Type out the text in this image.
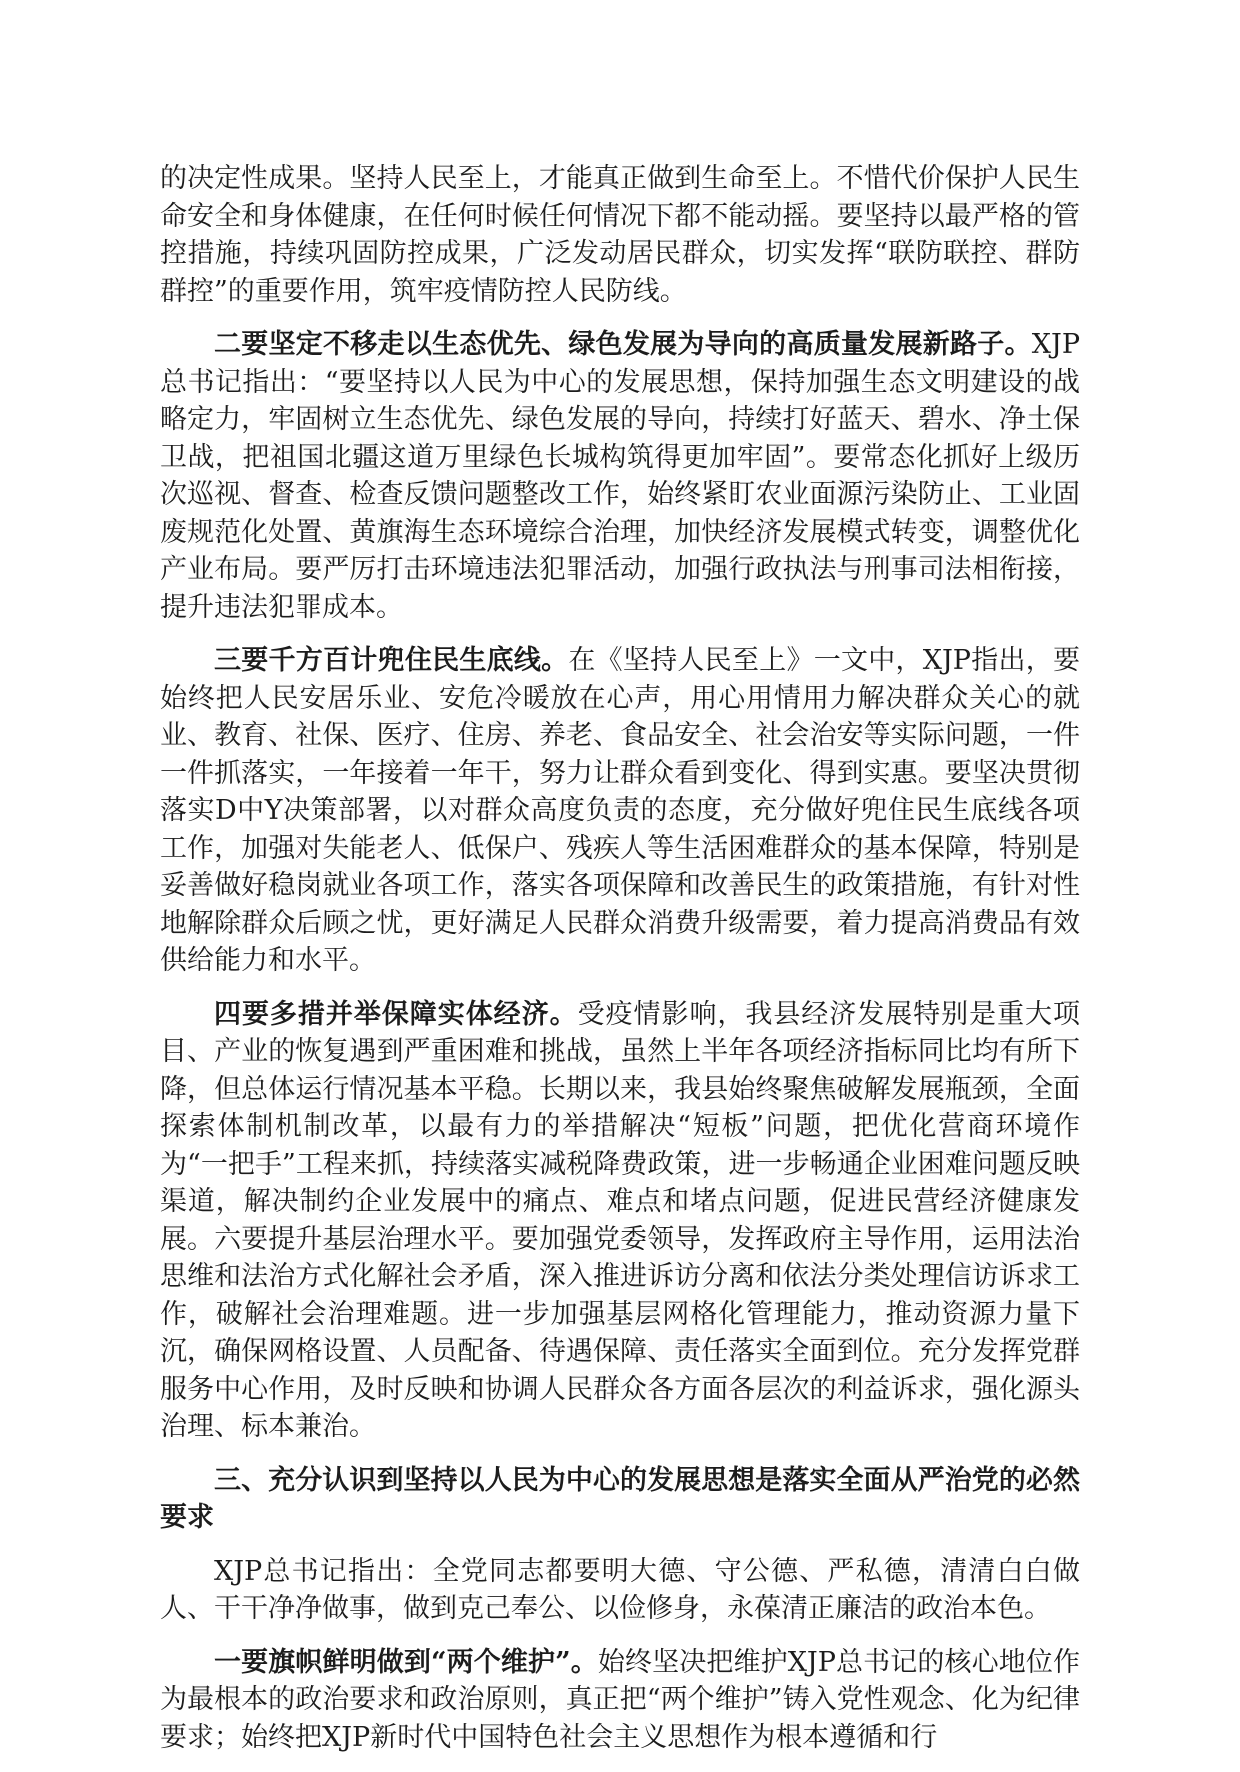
的决定性成果。坚持人民至上，才能真正做到生命至上。不惜代价保护人民生命安全和身体健康，在任何时候任何情况下都不能动摇。要坚持以最严格的管控措施，持续巩固防控成果，广泛发动居民群众，切实发挥“联防联控、群防群控”的重要作用，筑牢疫情防控人民防线。

二要坚定不移走以生态优先、绿色发展为导向的高质量发展新路子。XJP总书记指出：“要坚持以人民为中心的发展思想，保持加强生态文明建设的战略定力，牢固树立生态优先、绿色发展的导向，持续打好蓝天、碧水、净土保卫战，把祖国北疆这道万里绿色长城构筑得更加牢固”。要常态化抓好上级历次巡视、督查、检查反馈问题整改工作，始终紧盯农业面源污染防止、工业固废规范化处置、黄旗海生态环境综合治理，加快经济发展模式转变，调整优化产业布局。要严厉打击环境违法犯罪活动，加强行政执法与刑事司法相衔接，提升违法犯罪成本。

三要千方百计兜住民生底线。在《坚持人民至上》一文中，XJP指出，要始终把人民安居乐业、安危冷暖放在心声，用心用情用力解决群众关心的就业、教育、社保、医疗、住房、养老、食品安全、社会治安等实际问题，一件一件抓落实，一年接着一年干，努力让群众看到变化、得到实惠。要坚决贯彻落实D中Y决策部署，以对群众高度负责的态度，充分做好兜住民生底线各项工作，加强对失能老人、低保户、残疾人等生活困难群众的基本保障，特别是妥善做好稳岗就业各项工作，落实各项保障和改善民生的政策措施，有针对性地解除群众后顾之忧，更好满足人民群众消费升级需要，着力提高消费品有效供给能力和水平。

四要多措并举保障实体经济。受疫情影响，我县经济发展特别是重大项目、产业的恢复遇到严重困难和挑战，虽然上半年各项经济指标同比均有所下降，但总体运行情况基本平稳。长期以来，我县始终聚焦破解发展瓶颈，全面探索体制机制改革，以最有力的举措解决“短板”问题，把优化营商环境作为“一把手”工程来抓，持续落实减税降费政策，进一步畅通企业困难问题反映渠道，解决制约企业发展中的痛点、难点和堵点问题，促进民营经济健康发展。六要提升基层治理水平。要加强党委领导，发挥政府主导作用，运用法治思维和法治方式化解社会矛盾，深入推进诉访分离和依法分类处理信访诉求工作，破解社会治理难题。进一步加强基层网格化管理能力，推动资源力量下沉，确保网格设置、人员配备、待遇保障、责任落实全面到位。充分发挥党群服务中心作用，及时反映和协调人民群众各方面各层次的利益诉求，强化源头治理、标本兼治。

三、充分认识到坚持以人民为中心的发展思想是落实全面从严治党的必然要求

XJP总书记指出：全党同志都要明大德、守公德、严私德，清清白白做人、干干净净做事，做到克己奉公、以俭修身，永葆清正廉洁的政治本色。

一要旗帜鲜明做到“两个维护”。始终坚决把维护XJP总书记的核心地位作为最根本的政治要求和政治原则，真正把“两个维护”铸入党性观念、化为纪律要求；始终把XJP新时代中国特色社会主义思想作为根本遵循和行
